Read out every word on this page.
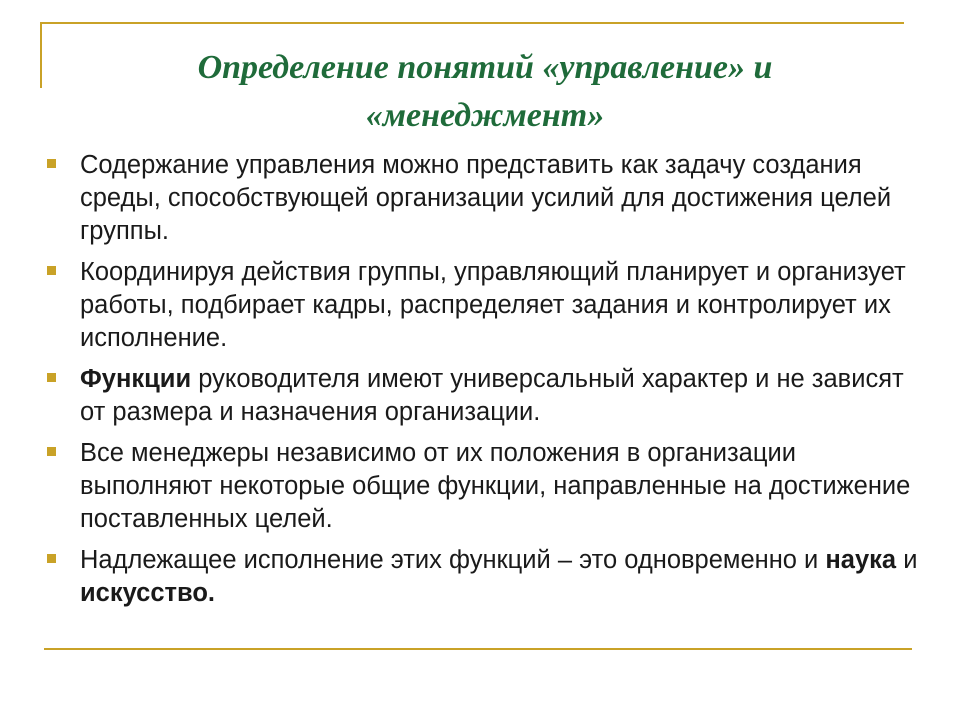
Определение понятий «управление» и
«менеджмент»
Содержание управления можно представить как задачу создания среды, способствующей организации усилий для достижения целей группы.
Координируя действия группы, управляющий планирует и организует работы, подбирает кадры, распределяет задания и контролирует их исполнение.
Функции руководителя имеют универсальный характер и не зависят от размера и назначения организации.
Все менеджеры независимо от их положения в организации выполняют некоторые общие функции, направленные на достижение поставленных целей.
Надлежащее исполнение этих функций – это одновременно и наука и искусство.
